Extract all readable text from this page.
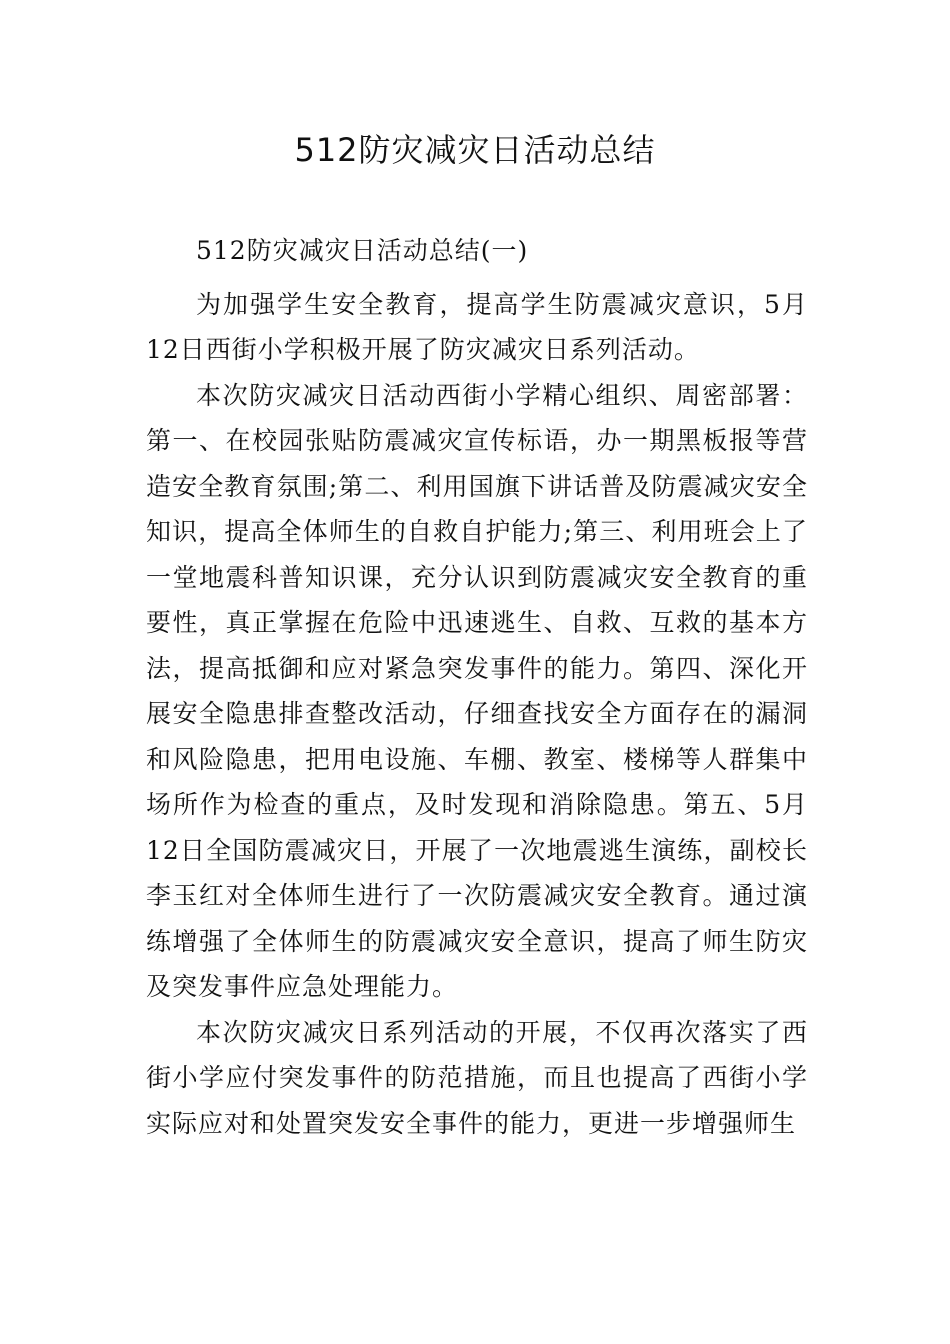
512防灾减灾日活动总结

512防灾减灾日活动总结(一)

为加强学生安全教育，提高学生防震减灾意识，5月12日西街小学积极开展了防灾减灾日系列活动。

本次防灾减灾日活动西街小学精心组织、周密部署：第一、在校园张贴防震减灾宣传标语，办一期黑板报等营造安全教育氛围;第二、利用国旗下讲话普及防震减灾安全知识，提高全体师生的自救自护能力;第三、利用班会上了一堂地震科普知识课，充分认识到防震减灾安全教育的重要性，真正掌握在危险中迅速逃生、自救、互救的基本方法，提高抵御和应对紧急突发事件的能力。第四、深化开展安全隐患排查整改活动，仔细查找安全方面存在的漏洞和风险隐患，把用电设施、车棚、教室、楼梯等人群集中场所作为检查的重点，及时发现和消除隐患。第五、5月12日全国防震减灾日，开展了一次地震逃生演练，副校长李玉红对全体师生进行了一次防震减灾安全教育。通过演练增强了全体师生的防震减灾安全意识，提高了师生防灾及突发事件应急处理能力。

本次防灾减灾日系列活动的开展，不仅再次落实了西街小学应付突发事件的防范措施，而且也提高了西街小学实际应对和处置突发安全事件的能力，更进一步增强师生
